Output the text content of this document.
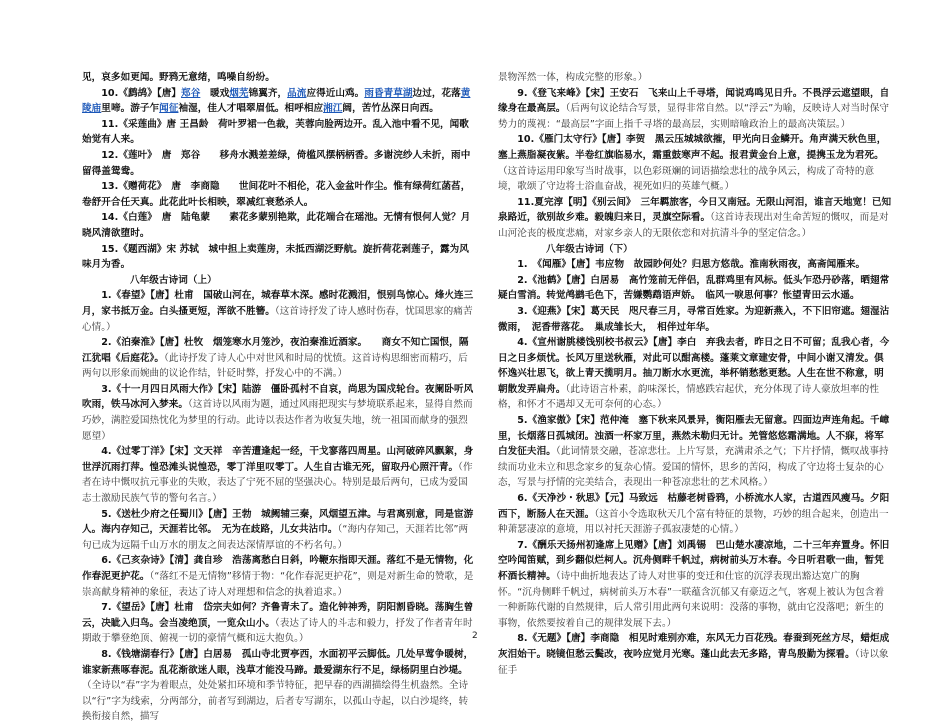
见，哀多如更闻。野鸦无意绪，鸣噪自纷纷。

10.《鹧鸪》【唐】郑谷　暖戏烟芜锦翼齐，品流应得近山鸡。雨昏青草湖边过，花落黄陵庙里啼。游子乍闻征袖湿，佳人才唱翠眉低。相呼相应湘江阔，苦竹丛深日向西。

11.《采莲曲》唐 王昌龄　荷叶罗裙一色裁，芙蓉向脸两边开。乱入池中看不见，闻歌始觉有人来。

12.《莲叶》　唐　郑谷　　移舟水溅差差绿，倚槛风摆柄柄香。多谢浣纱人未折，雨中留得盖鸳鸯。

13.《赠荷花》　唐　李商隐　　世间花叶不相伦，花入金盆叶作尘。惟有绿荷红菡萏，卷舒开合任天真。此花此叶长相映，翠减红衰愁杀人。

14.《白莲》　唐　陆龟蒙　　素花多蒙别艳欺，此花端合在瑶池。无情有恨何人觉？月晓风清欲堕时。

15.《题西湖》宋 苏轼　城中担上卖莲房，未抵西湖泛野航。旋折荷花剥莲子，露为风味月为香。

八年级古诗词（上）

1.《春望》【唐】杜甫　国破山河在，城春草木深。感时花溅泪，恨别鸟惊心。烽火连三月，家书抵万金。白头搔更短，浑欲不胜簪。（这首诗抒发了诗人感时伤春，忧国思家的痛苦心情。）

2.《泊秦淮》【唐】杜牧　烟笼寒水月笼沙，夜泊秦淮近酒家。　　商女不知亡国恨，隔江犹唱《后庭花》。（此诗抒发了诗人心中对世风和时局的忧愤。这首诗构思细密而精巧，后两句以形象而婉曲的议论作结，针砭时弊，抒发心中的不满。）

3.《十一月四日风雨大作》【宋】陆游　僵卧孤村不自哀，尚思为国戍轮台。夜阑卧听风吹雨，铁马冰河入梦来。（这首诗以风雨为题，通过风雨把现实与梦境联系起来，显得自然而巧妙，满腔爱国热忱化为梦里的行动。此诗以表达作者为收复失地，统一祖国而献身的强烈愿望）

4.《过零丁洋》【宋】文天祥　辛苦遭逢起一经，干戈寥落四周星。山河破碎风飘絮，身世浮沉雨打萍。惶恐滩头说惶恐，零丁洋里叹零丁。人生自古谁无死，留取丹心照汗青。（作者在诗中慨叹抗元事业的失败，表达了宁死不屈的坚强决心。特别是最后两句，已成为爱国志士激励民族气节的警句名言。）

5.《送杜少府之任蜀川》【唐】王勃　城阙辅三秦，风烟望五津。与君离别意，同是宦游人。海内存知己，天涯若比邻。　无为在歧路，儿女共沾巾。（“海内存知己，天涯若比邻”两句已成为远隔千山万水的朋友之间表达深情厚谊的不朽名句。）

6.《己亥杂诗》【清】龚自珍　浩荡离愁白日斜，吟鞭东指即天涯。落红不是无情物，化作春泥更护花。（“落红不是无情物”移情于物：“化作春泥更护花”，则是对新生命的赞歌，是崇高献身精神的象征，表达了诗人对理想和信念的执着追求。）

7.《望岳》【唐】杜甫　岱宗夫如何？齐鲁青未了。造化钟神秀，阴阳割昏晓。荡胸生曾云，决眦入归鸟。会当凌绝顶，一览众山小。（表达了诗人的斗志和毅力，抒发了作者青年时期敢于攀登绝顶、俯视一切的豪情气概和远大抱负。）

8.《钱塘湖春行》【唐】白居易　孤山寺北贾亭西，水面初平云脚低。几处早莺争暖树，谁家新燕啄春泥。乱花渐欲迷人眼，浅草才能没马蹄。最爱湖东行不足，绿杨阴里白沙堤。（全诗以“春”字为着眼点，处处紧扣环境和季节特征，把早春的西湖描绘得生机盎然。全诗以“行”字为线索，分两部分，前者写到湖边，后者专写湖东，以孤山寺起，以白沙堤终，转换衔接自然，描写

景物浑然一体，构成完整的形象。）

9.《登飞来峰》【宋】王安石　飞来山上千寻塔，闻说鸡鸣见日升。不畏浮云遮望眼，自缘身在最高层。（后两句议论结合写景，显得非常自然。以“浮云”为喻，反映诗人对当时保守势力的蔑视：“最高层”字面上指千寻塔的最高层，实则暗喻政治上的最高决策层。）

10.《雁门太守行》【唐】李贺　黑云压城城欲摧，甲光向日金鳞开。角声满天秋色里，塞上燕脂凝夜紫。半卷红旗临易水，霜重鼓寒声不起。报君黄金台上意，提携玉龙为君死。（这首诗运用印象写当时战事，以色彩斑斓的词语描绘悲壮的战争风云，构成了奇特的意境，歌颂了守边将士浴血奋战，视死如归的英雄气概。）

11.夏完淳【明】《别云间》　三年羁旅客，今日又南冠。无限山河泪，谁言天地宽！已知泉路近，欲别故乡难。毅魄归来日，灵旗空际看。（这首诗表现出对生命苦短的慨叹，而是对山河沦丧的极度悲痛，对家乡亲人的无限依恋和对抗清斗争的坚定信念。）

八年级古诗词（下）

1.　《闻雁》【唐】韦应物　故园眇何处？归思方悠哉。淮南秋雨夜，高斋闻雁来。

2.《池鹤》【唐】白居易　高竹笼前无伴侣，乱群鸡里有风标。低头乍恐丹砂落，晒翅常疑白雪消。转觉鸬鹚毛色下，苦嫌鹦鹉语声娇。　临风一唳思何事？怅望青田云水遥。

3.《迎燕》【宋】葛天民　咫尺春三月，寻常百姓家。为迎新燕入，不下旧帘遮。翅湿沾微雨，　泥香带落花。　巢成雏长大，　相伴过年华。

4.《宣州谢朓楼饯别校书叔云》【唐】李白　弃我去者，昨日之日不可留；乱我心者，今日之日多烦忧。长风万里送秋雁，对此可以酣高楼。蓬莱文章建安骨，中间小谢又清发。俱怀逸兴壮思飞，欲上青天揽明月。抽刀断水水更流，举杯销愁愁更愁。人生在世不称意，明朝散发弄扁舟。（此诗语言朴素，韵味深长，情感跌宕起伏，充分体现了诗人豪放坦率的性格，和怀才不遇却又无可奈何的心态。）

5.《渔家傲》【宋】范仲淹　塞下秋来风景异，衡阳雁去无留意。四面边声连角起。千嶂里，长烟落日孤城闭。浊酒一杯家万里，燕然未勒归无计。羌管悠悠霜满地。人不寐，将军白发征夫泪。（此词情景交融，苍凉悲壮。上片写景，充满肃杀之气；下片抒情，慨叹战事持续而功业未立和思念家乡的复杂心情。爱国的情怀，思乡的苦闷，构成了守边将士复杂的心态，写景与抒情的完美结合，表现出一种苍凉悲壮的艺术风格。）

6.《天净沙・秋思》【元】马致远　枯藤老树昏鸦，小桥流水人家，古道西风瘦马。夕阳西下，断肠人在天涯。（这首小令选取秋天几个富有特征的景物，巧妙的组合起来，创造出一种萧瑟凄凉的意境，用以衬托天涯游子孤寂凄楚的心情。）

7.《酬乐天扬州初逢席上见赠》【唐】刘禹锡　巴山楚水凄凉地，二十三年弃置身。怀旧空吟闻笛赋，到乡翻似烂柯人。沉舟侧畔千帆过，病树前头万木春。今日听君歌一曲，暂凭杯酒长精神。（诗中曲折地表达了诗人对世事的变迁和仕宦的沉浮表现出豁达宽广的胸怀。“沉舟侧畔千帆过，病树前头万木春”一联蕴含沉郁又有豪迈之气，客观上被认为包含着一种新陈代谢的自然规律，后人常引用此两句来说明：没落的事物，就由它没落吧；新生的事物，依然要按着自己的规律发展下去。）

8.《无题》【唐】李商隐　相见时难别亦难，东风无力百花残。春蚕到死丝方尽，蜡炬成灰泪始干。晓镜但愁云鬓改，夜吟应觉月光寒。蓬山此去无多路，青鸟殷勤为探看。（诗以象征手

2
